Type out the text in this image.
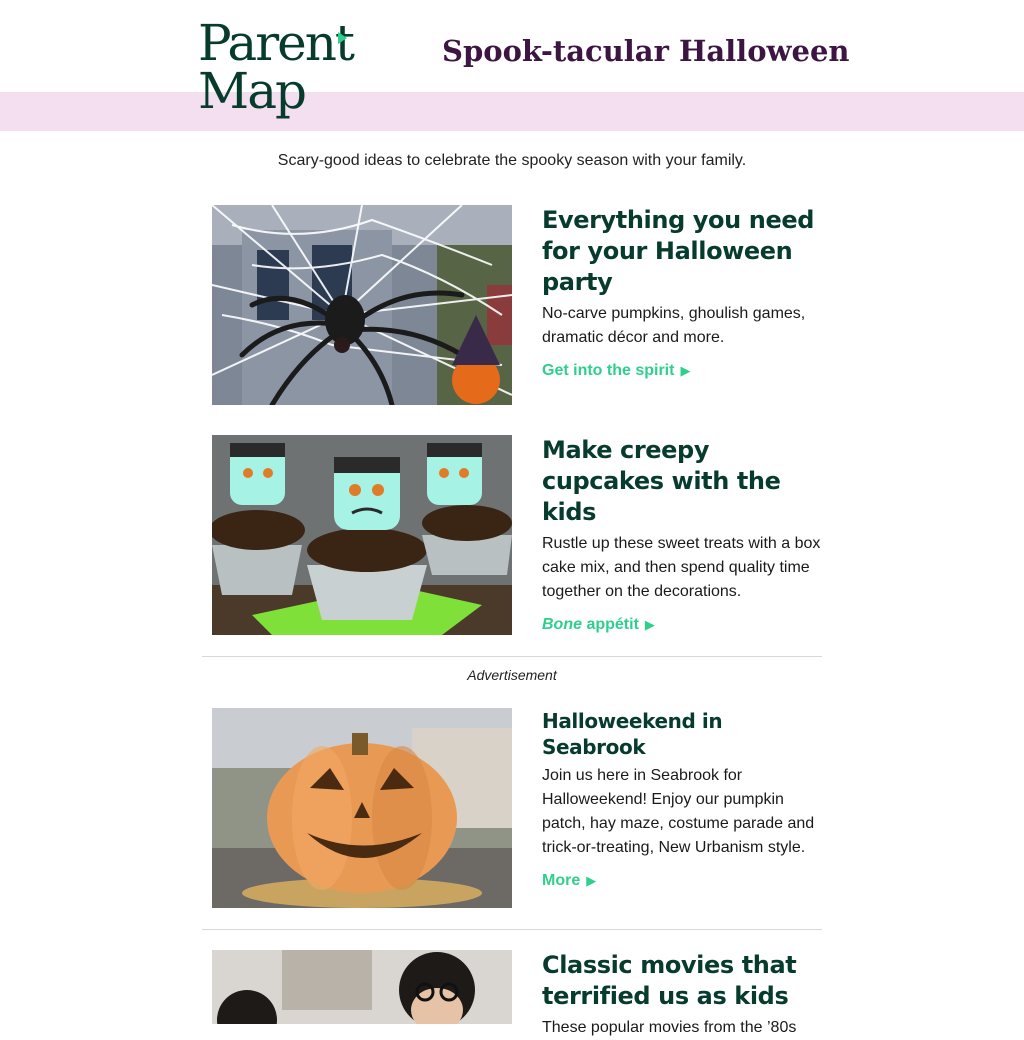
Parent
Map
Spook-tacular Halloween
Scary-good ideas to celebrate the spooky season with your family.

Everything you need for your Halloween party

No-carve pumpkins, ghoulish games, dramatic décor and more.

Get into the spirit ▶

Make creepy cupcakes with the kids

Rustle up these sweet treats with a box cake mix, and then spend quality time together on the decorations.

Bone appétit ▶
Advertisement

Halloweekend in Seabrook

Join us here in Seabrook for Halloweekend! Enjoy our pumpkin patch, hay maze, costume parade and trick-or-treating, New Urbanism style.

More ▶

Classic movies that terrified us as kids

These popular movies from the ’80s
